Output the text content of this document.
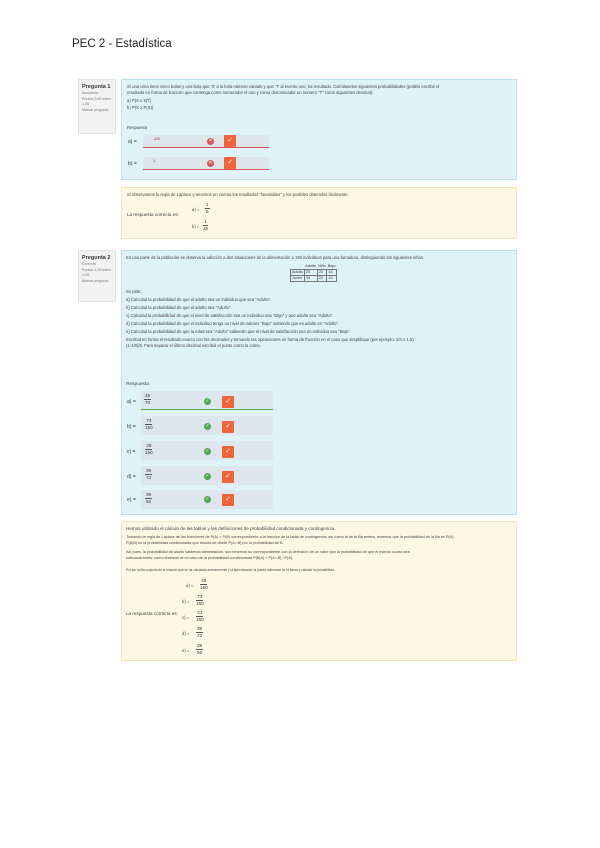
PEC 2 - Estadística
Pregunta 1
Incorrecta
Puntúa 0,00 sobre 1,00
Marcar pregunta
Sí una urna tiene cinco bolas y una bola que 'S' a la bola número variado y que 'T' al evento uno, ha resultado. Calcúlaselas siguientes probabilidades (podéis escribir el
resultado en forma de fracción que contenga como numerador el uno y como denominador un número "T" como siguientes decimal):
a) P(S ≤ 5|T)
b) P(S ≥ P(S))
Respuesta
a) =
-1/5	✕	✓
b) =
1	✕	✓
Si observamos la regla de Laplace y tenemos en cuenta los resultados "favorables" y los posibles obtenidos fácilmente:
La respuesta correcta es:
$a) = \frac{1}{5}$
$b) = \frac{1}{25}$
Pregunta 2
Correcta
Puntúa 1,00 sobre 1,00
Marcar pregunta
En una parte de la población se observa la adicción a dos situaciones de la alimentación a 150 individuos para una fumadora, distinguiendo los siguientes niños.
	Adulto	Niño	Bajo
Adulto	20	25	34
Joven	33	23	15
Se pide:
a) Calculad la probabilidad de que el adulto sea un individuo que sea "Adulto".
b) Calculad la probabilidad de que el adulto sea "Adulto".
c) Calculad la probabilidad de que el nivel de satisfacción sea un individuo sea "Bajo" y que adulto sea "Adulto".
d) Calculad la probabilidad de que el individuo tenga un nivel de valores "Bajo" sabiendo que es adulto es "Adulto".
e) Calculad la probabilidad de que la edad sea "Adulto" sabiendo que el nivel de satisfacción sea un individuo sea "Bajo".
Escribid en forma el resultado exacto con los decimales y tomando las operaciones en forma de fracción en el caso que simplifique (por ejemplo: 3/4 o 1,5)
(1-1/6)/8. Para separar el último decimal escribid el punto como la coma.
Respuesta
$a) = \frac{45}{70}$	✓	✓
$b) = \frac{73}{150}$	✓	✓
$c) = \frac{39}{150}$	✓	✓
$d) = \frac{39}{73}$	✓	✓
$e) = \frac{39}{56}$	✓	✓
Hemos utilizado el cálculo de las tablas y las definiciones de probabilidad condicionada y contingencia.
Tomando la regla de Laplace de las fracciones de P(A) = P(B) correspondiente a la fracción de la tabla de contingencia, así como la de la fila entera, tenemos que la probabilidad de la fila es P(A).
P(A|B) es la probabilidad condicionada que resulta de dividir P(A∩B) por la probabilidad de B.
Así pues, la probabilidad de adulto sabiendo alimentación, son tenemos su correspondiente con la definición de un valor que la probabilidad de que el evento ocurra sea
subcondiciones: como tenemos en el caso de la probabilidad condicionada P(B|A) = P(A∩B) / P(A).
Por ser la fila conjunta de la relación que se ha calculado anteriormente y la aproximación la puede obtenerse de la forma y calcular la probabilidad.
La respuesta correcta es:
$a) = \frac{45}{150}$
$b) = \frac{73}{150}$
$c) = \frac{21}{150}$
$d) = \frac{39}{73}$
$e) = \frac{39}{56}$
